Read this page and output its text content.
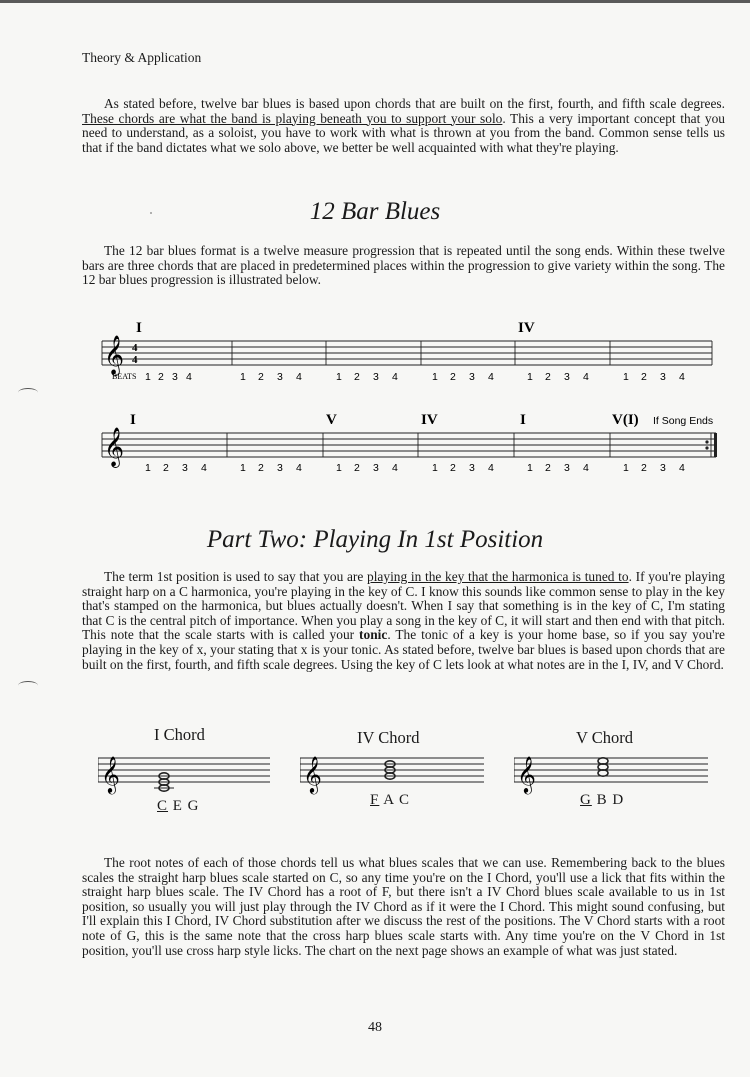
Theory & Application

As stated before, twelve bar blues is based upon chords that are built on the first, fourth, and fifth scale degrees. These chords are what the band is playing beneath you to support your solo. This a very important concept that you need to understand, as a soloist, you have to work with what is thrown at you from the band. Common sense tells us that if the band dictates what we solo above, we better be well acquainted with what they're playing.

12 Bar Blues

The 12 bar blues format is a twelve measure progression that is repeated until the song ends. Within these twelve bars are three chords that are placed in predetermined places within the progression to give variety within the song. The 12 bar blues progression is illustrated below.

𝄞 4
4
I	IV
BEATS 1 2 3 4	1 2 3 4	1 2 3 4	1 2 3 4	1 2 3 4	1 2 3 4
𝄞
I	V	IV	I	V(I) If Song Ends
1 2 3 4	1 2 3 4	1 2 3 4	1 2 3 4	1 2 3 4	1 2 3 4
Part Two: Playing In 1st Position

The term 1st position is used to say that you are playing in the key that the harmonica is tuned to. If you're playing straight harp on a C harmonica, you're playing in the key of C. I know this sounds like common sense to play in the key that's stamped on the harmonica, but blues actually doesn't. When I say that something is in the key of C, I'm stating that C is the central pitch of importance. When you play a song in the key of C, it will start and then end with that pitch. This note that the scale starts with is called your tonic. The tonic of a key is your home base, so if you say you're playing in the key of x, your stating that x is your tonic. As stated before, twelve bar blues is based upon chords that are built on the first, fourth, and fifth scale degrees. Using the key of C lets look at what notes are in the I, IV, and V Chord.

I Chord
𝄞
C E G
IV Chord
𝄞
F A C
V Chord
𝄞
G B D

The root notes of each of those chords tell us what blues scales that we can use. Remembering back to the blues scales the straight harp blues scale started on C, so any time you're on the I Chord, you'll use a lick that fits within the straight harp blues scale. The IV Chord has a root of F, but there isn't a IV Chord blues scale available to us in 1st position, so usually you will just play through the IV Chord as if it were the I Chord. This might sound confusing, but I'll explain this I Chord, IV Chord substitution after we discuss the rest of the positions. The V Chord starts with a root note of G, this is the same note that the cross harp blues scale starts with. Any time you're on the V Chord in 1st position, you'll use cross harp style licks. The chart on the next page shows an example of what was just stated.

48
